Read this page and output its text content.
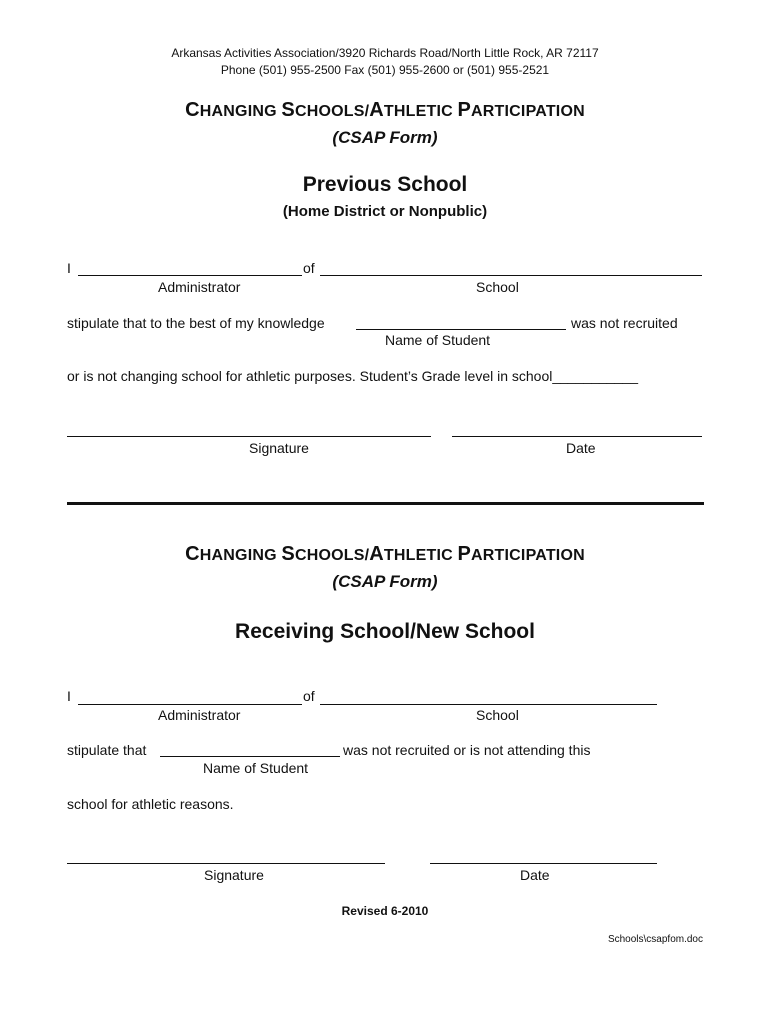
Arkansas Activities Association/3920 Richards Road/North Little Rock, AR 72117
Phone (501) 955-2500 Fax (501) 955-2600 or (501) 955-2521
CHANGING SCHOOLS/ATHLETIC PARTICIPATION
(CSAP Form)
Previous School
(Home District or Nonpublic)
I	of
Administrator	School
stipulate that to the best of my knowledge	was not recruited
Name of Student
or is not changing school for athletic purposes. Student’s Grade level in school___________
Signature	Date
CHANGING SCHOOLS/ATHLETIC PARTICIPATION
(CSAP Form)
Receiving School/New School
I	of
Administrator	School
stipulate that	was not recruited or is not attending this
Name of Student
school for athletic reasons.
Signature	Date
Revised 6-2010
Schools\csapfom.doc
